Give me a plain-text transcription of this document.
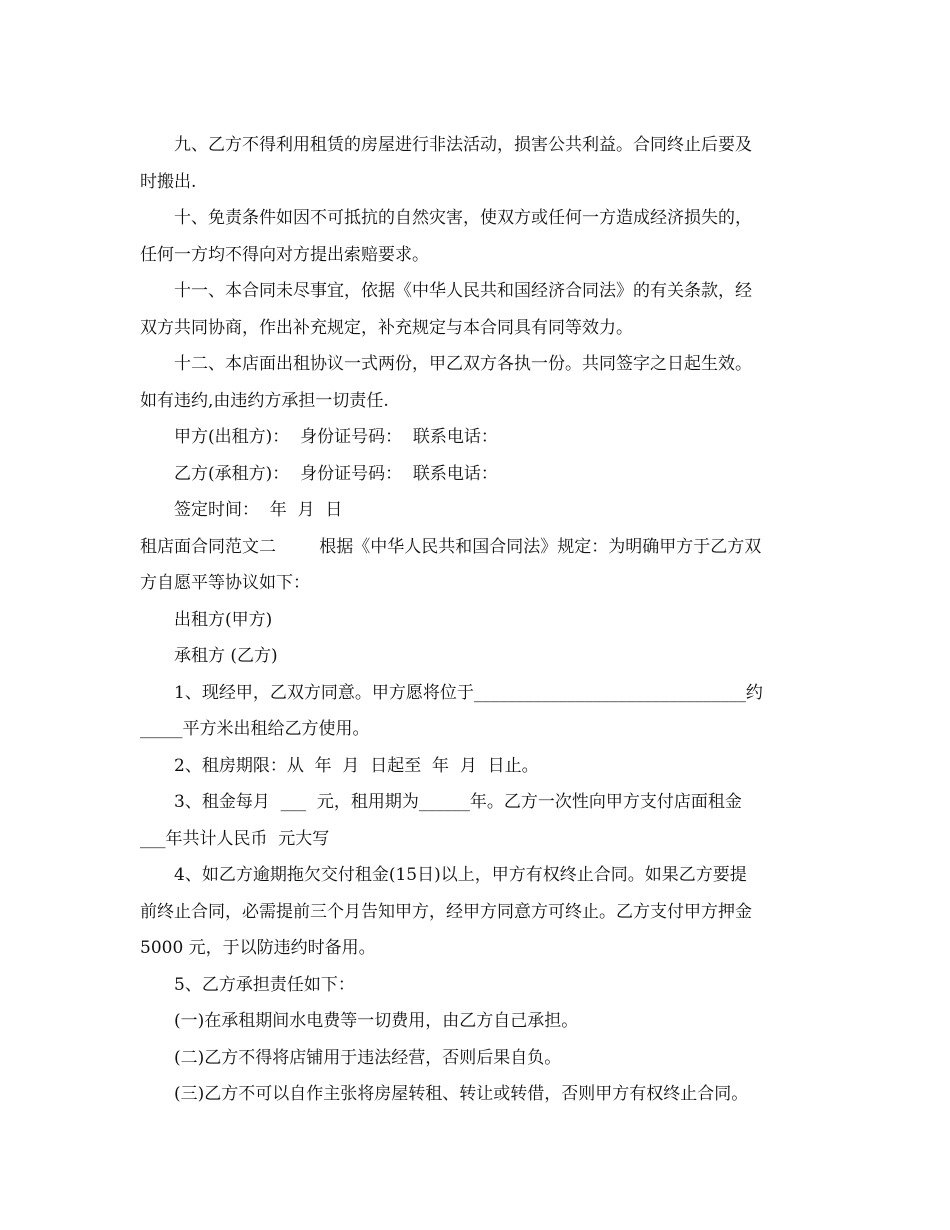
九、乙方不得利用租赁的房屋进行非法活动，损害公共利益。合同终止后要及
时搬出.
十、免责条件如因不可抵抗的自然灾害，使双方或任何一方造成经济损失的，
任何一方均不得向对方提出索赔要求。
十一、本合同未尽事宜，依据《中华人民共和国经济合同法》的有关条款，经
双方共同协商，作出补充规定，补充规定与本合同具有同等效力。
十二、本店面出租协议一式两份，甲乙双方各执一份。共同签字之日起生效。
如有违约,由违约方承担一切责任.
甲方(出租方)：  身份证号码：  联系电话：
乙方(承租方)：  身份证号码：  联系电话：
签定时间：  年  月  日
租店面合同范文二        根据《中华人民共和国合同法》规定：为明确甲方于乙方双
方自愿平等协议如下：
出租方(甲方)
承租方 (乙方)
1、现经甲，乙双方同意。甲方愿将位于________________________________约
_____平方米出租给乙方使用。
2、租房期限：从  年  月  日起至  年  月  日止。
3、租金每月  ___  元，租用期为______年。乙方一次性向甲方支付店面租金
___年共计人民币  元大写
4、如乙方逾期拖欠交付租金(15日)以上，甲方有权终止合同。如果乙方要提
前终止合同，必需提前三个月告知甲方，经甲方同意方可终止。乙方支付甲方押金
5000 元，于以防违约时备用。
5、乙方承担责任如下：
(一)在承租期间水电费等一切费用，由乙方自己承担。
(二)乙方不得将店铺用于违法经营，否则后果自负。
(三)乙方不可以自作主张将房屋转租、转让或转借，否则甲方有权终止合同。
